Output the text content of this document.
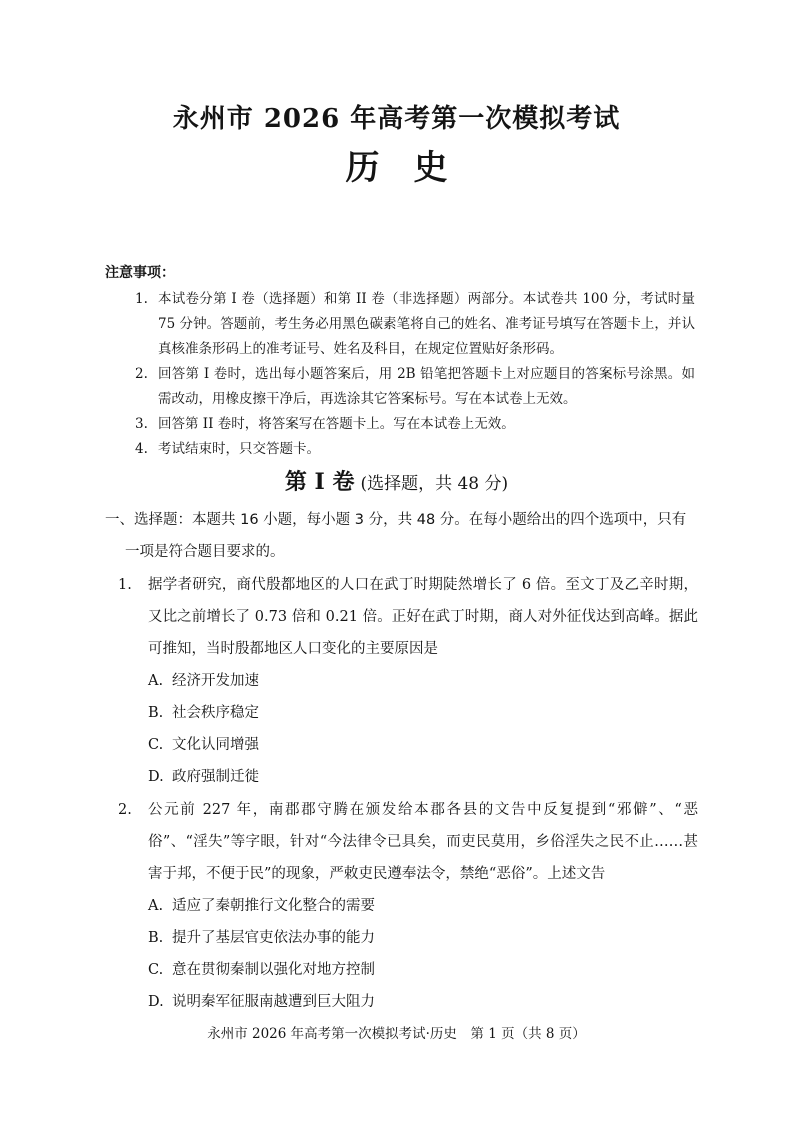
永州市 2026 年高考第一次模拟考试
历　史
注意事项：
1. 本试卷分第 I 卷（选择题）和第 II 卷（非选择题）两部分。本试卷共 100 分，考试时量 75 分钟。答题前，考生务必用黑色碳素笔将自己的姓名、准考证号填写在答题卡上，并认真核准条形码上的准考证号、姓名及科目，在规定位置贴好条形码。
2. 回答第 I 卷时，选出每小题答案后，用 2B 铅笔把答题卡上对应题目的答案标号涂黑。如需改动，用橡皮擦干净后，再选涂其它答案标号。写在本试卷上无效。
3. 回答第 II 卷时，将答案写在答题卡上。写在本试卷上无效。
4. 考试结束时，只交答题卡。
第 I 卷 (选择题，共 48 分)
一、选择题：本题共 16 小题，每小题 3 分，共 48 分。在每小题给出的四个选项中，只有
一项是符合题目要求的。
1.	据学者研究，商代殷都地区的人口在武丁时期陡然增长了 6 倍。至文丁及乙辛时期，又比之前增长了 0.73 倍和 0.21 倍。正好在武丁时期，商人对外征伐达到高峰。据此可推知，当时殷都地区人口变化的主要原因是
A. 经济开发加速
B. 社会秩序稳定
C. 文化认同增强
D. 政府强制迁徙
2.	公元前 227 年，南郡郡守腾在颁发给本郡各县的文告中反复提到“邪僻”、“恶俗”、“淫失”等字眼，针对“今法律令已具矣，而吏民莫用，乡俗淫失之民不止……甚害于邦，不便于民”的现象，严敕吏民遵奉法令，禁绝“恶俗”。上述文告
A. 适应了秦朝推行文化整合的需要
B. 提升了基层官吏依法办事的能力
C. 意在贯彻秦制以强化对地方控制
D. 说明秦军征服南越遭到巨大阻力
永州市 2026 年高考第一次模拟考试·历史　第 1 页（共 8 页）
